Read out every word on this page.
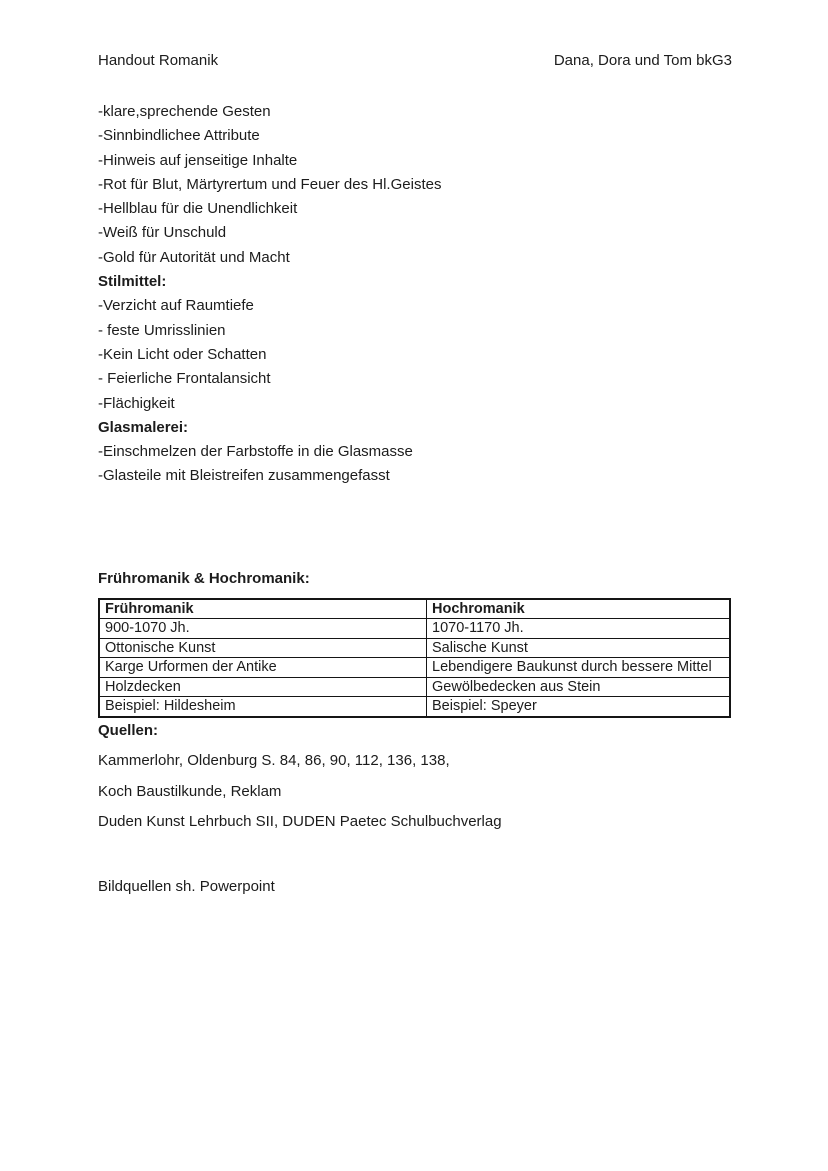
Handout Romanik	Dana, Dora und Tom bkG3

-klare,sprechende Gesten

-Sinnbindlichee Attribute

-Hinweis auf jenseitige Inhalte

-Rot für Blut, Märtyrertum und Feuer des Hl.Geistes

-Hellblau für die Unendlichkeit

-Weiß für Unschuld

-Gold für Autorität und Macht

Stilmittel:

-Verzicht auf Raumtiefe

- feste Umrisslinien

-Kein Licht oder Schatten

- Feierliche Frontalansicht

-Flächigkeit

Glasmalerei:

-Einschmelzen der Farbstoffe in die Glasmasse

-Glasteile mit Bleistreifen zusammengefasst

Frühromanik & Hochromanik:

Frühromanik	Hochromanik
900-1070 Jh.	1070-1170 Jh.
Ottonische Kunst	Salische Kunst
Karge Urformen der Antike	Lebendigere Baukunst durch bessere Mittel
Holzdecken	Gewölbedecken aus Stein
Beispiel: Hildesheim	Beispiel: Speyer

Quellen:

Kammerlohr, Oldenburg S. 84, 86, 90, 112, 136, 138,

Koch Baustilkunde, Reklam

Duden Kunst Lehrbuch SII, DUDEN Paetec Schulbuchverlag

Bildquellen sh. Powerpoint
